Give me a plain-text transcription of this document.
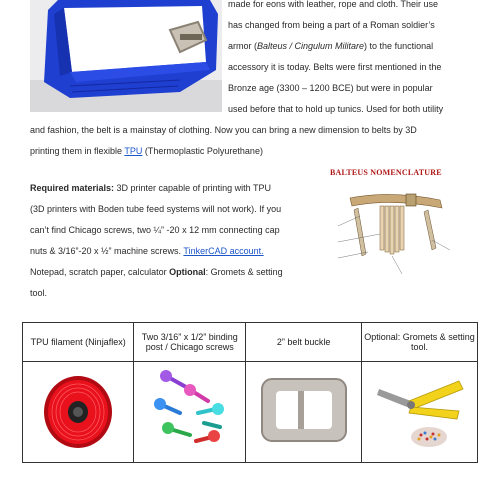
made for eons with leather, rope and cloth. Their use
has changed from being a part of a Roman soldier’s
armor (Balteus / Cingulum Militare) to the functional
accessory it is today. Belts were first mentioned in the
Bronze age (3300 – 1200 BCE) but were in popular
used before that to hold up tunics. Used for both utility
and fashion, the belt is a mainstay of clothing. Now you can bring a new dimension to belts by 3D
printing them in flexible TPU (Thermoplastic Polyurethane)
Required materials: 3D printer capable of printing with TPU
(3D printers with Boden tube feed systems will not work). If you
can’t find Chicago screws, two ¼” -20 x 12 mm connecting cap
nuts & 3/16”-20 x ½” machine screws. TinkerCAD account.
Notepad, scratch paper, calculator Optional: Gromets & setting
tool.
BALTEUS NOMENCLATURE
TPU filament (Ninjaflex)	Two 3/16” x 1/2” binding post / Chicago screws	2” belt buckle	Optional: Gromets & setting tool.
